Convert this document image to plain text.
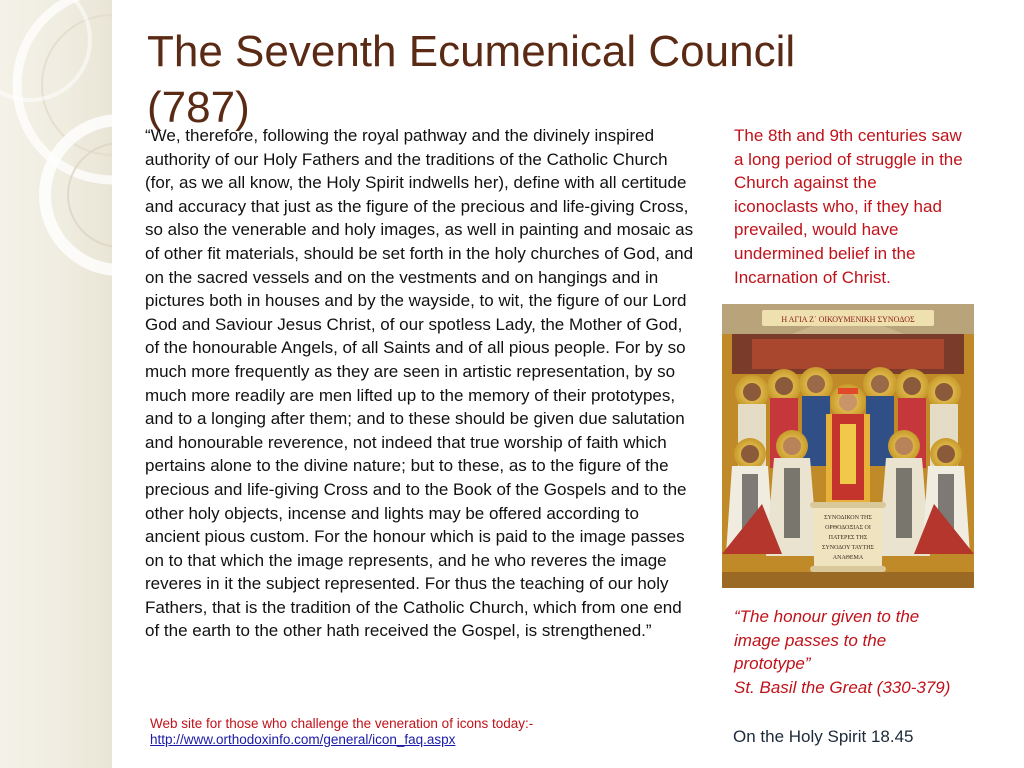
The Seventh Ecumenical Council (787)

“We, therefore, following the royal pathway and the divinely inspired authority of our Holy Fathers and the traditions of the Catholic Church (for, as we all know, the Holy Spirit indwells her), define with all certitude and accuracy that just as the figure of the precious and life-giving Cross, so also the venerable and holy images, as well in painting and mosaic as of other fit materials, should be set forth in the holy churches of God, and on the sacred vessels and on the vestments and on hangings and in pictures both in houses and by the wayside, to wit, the figure of our Lord God and Saviour Jesus Christ, of our spotless Lady, the Mother of God, of the honourable Angels, of all Saints and of all pious people. For by so much more frequently as they are seen in artistic representation, by so much more readily are men lifted up to the memory of their prototypes, and to a longing after them; and to these should be given due salutation and honourable reverence, not indeed that true worship of faith which pertains alone to the divine nature; but to these, as to the figure of the precious and life-giving Cross and to the Book of the Gospels and to the other holy objects, incense and lights may be offered according to ancient pious custom. For the honour which is paid to the image passes on to that which the image represents, and he who reveres the image reveres in it the subject represented. For thus the teaching of our holy Fathers, that is the tradition of the Catholic Church, which from one end of the earth to the other hath received the Gospel, is strengthened.”

The 8th and 9th centuries saw a long period of struggle in the Church against the iconoclasts who, if they had prevailed, would have undermined belief in the Incarnation of Christ.

Η ΑΓΙΑ Ζ΄ ΟΙΚΟΥΜΕΝΙΚΗ ΣΥΝΟΔΟΣ
ΣΥΝΟΔΙΚΟΝ ΤΗΣ
ΟΡΘΟΔΟΞΙΑΣ ΟΙ
ΠΑΤΕΡΕΣ ΤΗΣ
ΣΥΝΟΔΟΥ ΤΑΥΤΗΣ
ΑΝΑΘΕΜΑ

“The honour given to the image passes to the prototype”
St. Basil the Great (330-379)

On the Holy Spirit 18.45

Web site for those who challenge the veneration of icons today:-
http://www.orthodoxinfo.com/general/icon_faq.aspx
